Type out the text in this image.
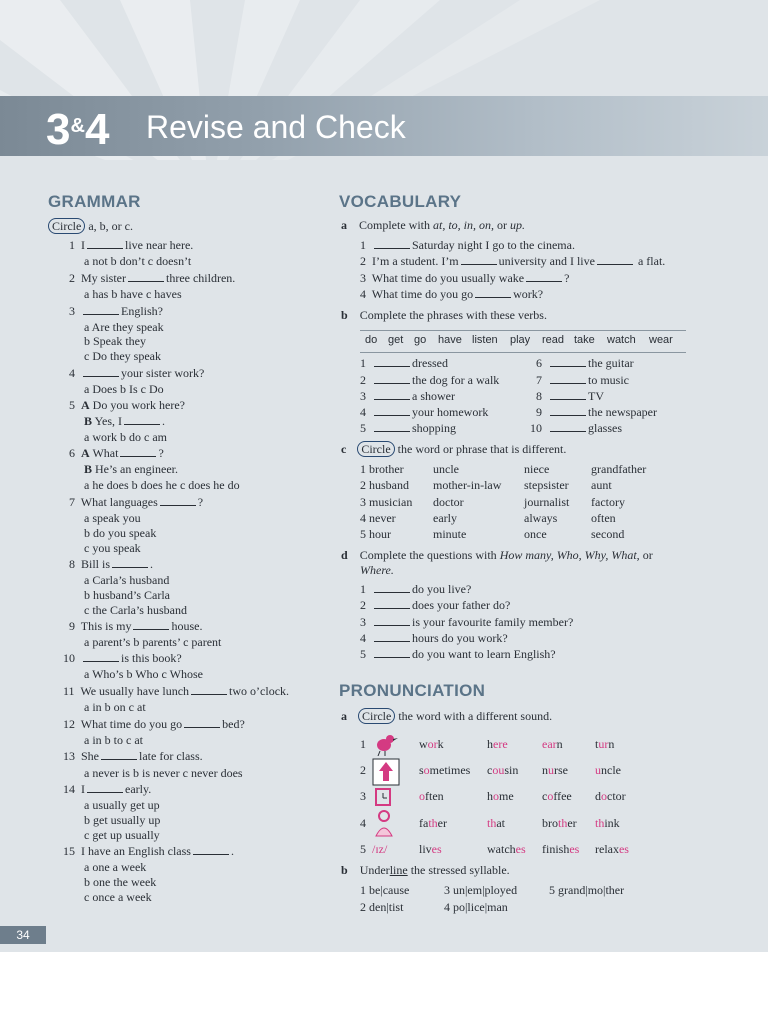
3&4 Revise and Check
GRAMMAR
Circle a, b, or c.
1 I	live near here.
a not b don’t c doesn’t
2 My sister	three children.
a has b have c haves
3	English?
a Are they speak
b Speak they
c Do they speak
4	your sister work?
a Does b Is c Do
5 A Do you work here?
B Yes, I	.
a work b do c am
6 A What	?
B He’s an engineer.
a he does b does he c does he do
7 What languages	?
a speak you
b do you speak
c you speak
8 Bill is	.
a Carla’s husband
b husband’s Carla
c the Carla’s husband
9 This is my	house.
a parent’s b parents’ c parent
10	is this book?
a Who’s b Who c Whose
11 We usually have lunch	two o’clock.
a in b on c at
12 What time do you go	bed?
a in b to c at
13 She	late for class.
a never is b is never c never does
14 I	early.
a usually get up
b get usually up
c get up usually
15 I have an English class	.
a one a week
b one the week
c once a week
VOCABULARY
a Complete with at, to, in, on, or up.
1	Saturday night I go to the cinema.
2 I’m a student. I’m	university and I live	a flat.
3 What time do you usually wake	?
4 What time do you go	work?
b Complete the phrases with these verbs.
do get go have listen play read take watch wear
1	dressed
2	the dog for a walk
3	a shower
4	your homework
5	shopping
6	the guitar
7	to music
8	TV
9	the newspaper
10	glasses
c Circle the word or phrase that is different.
1 brother uncle	niece	grandfather
2 husband mother-in-law stepsister aunt
3 musician doctor	journalist factory
4 never	early	always	often
5 hour	minute	once	second
d Complete the questions with How many, Who, Why, What, or
Where.
1	do you live?
2	does your father do?
3	is your favourite family member?
4	hours do you work?
5	do you want to learn English?
PRONUNCIATION
a Circle the word with a different sound.
1	work	here	earn	turn
2	sometimes cousin nurse uncle
3	often	home coffee doctor
4	father	that	brother think
5  /ɪz/	lives	watches finishes relaxes
b Underline the stressed syllable.
1 be|cause	3 un|em|ployed	5 grand|mo|ther
2 den|tist	4 po|lice|man
34
